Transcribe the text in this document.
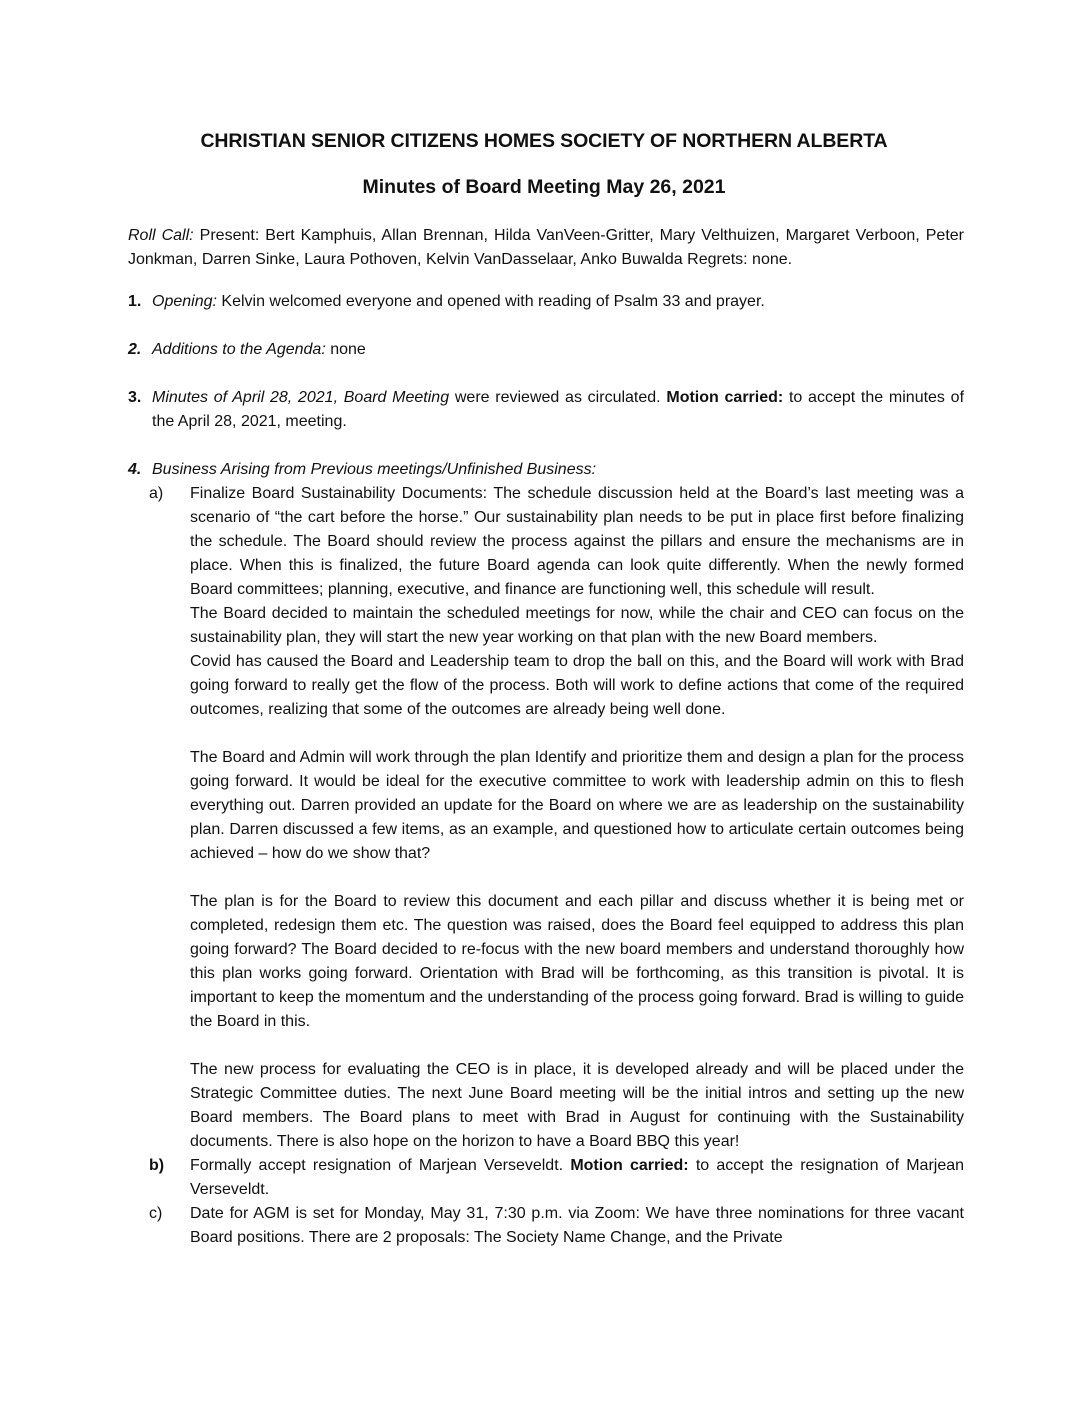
CHRISTIAN SENIOR CITIZENS HOMES SOCIETY OF NORTHERN ALBERTA
Minutes of Board Meeting May 26, 2021

Roll Call: Present: Bert Kamphuis, Allan Brennan, Hilda VanVeen-Gritter, Mary Velthuizen, Margaret Verboon, Peter Jonkman, Darren Sinke, Laura Pothoven, Kelvin VanDasselaar, Anko Buwalda Regrets: none.

1. Opening: Kelvin welcomed everyone and opened with reading of Psalm 33 and prayer.

2. Additions to the Agenda: none

3. Minutes of April 28, 2021, Board Meeting were reviewed as circulated. Motion carried: to accept the minutes of the April 28, 2021, meeting.

4. Business Arising from Previous meetings/Unfinished Business:

a) Finalize Board Sustainability Documents: The schedule discussion held at the Board’s last meeting was a scenario of “the cart before the horse.” Our sustainability plan needs to be put in place first before finalizing the schedule. The Board should review the process against the pillars and ensure the mechanisms are in place. When this is finalized, the future Board agenda can look quite differently. When the newly formed Board committees; planning, executive, and finance are functioning well, this schedule will result.

The Board decided to maintain the scheduled meetings for now, while the chair and CEO can focus on the sustainability plan, they will start the new year working on that plan with the new Board members.

Covid has caused the Board and Leadership team to drop the ball on this, and the Board will work with Brad going forward to really get the flow of the process. Both will work to define actions that come of the required outcomes, realizing that some of the outcomes are already being well done.

The Board and Admin will work through the plan Identify and prioritize them and design a plan for the process going forward. It would be ideal for the executive committee to work with leadership admin on this to flesh everything out. Darren provided an update for the Board on where we are as leadership on the sustainability plan. Darren discussed a few items, as an example, and questioned how to articulate certain outcomes being achieved – how do we show that?

The plan is for the Board to review this document and each pillar and discuss whether it is being met or completed, redesign them etc. The question was raised, does the Board feel equipped to address this plan going forward? The Board decided to re-focus with the new board members and understand thoroughly how this plan works going forward. Orientation with Brad will be forthcoming, as this transition is pivotal. It is important to keep the momentum and the understanding of the process going forward. Brad is willing to guide the Board in this.

The new process for evaluating the CEO is in place, it is developed already and will be placed under the Strategic Committee duties. The next June Board meeting will be the initial intros and setting up the new Board members. The Board plans to meet with Brad in August for continuing with the Sustainability documents. There is also hope on the horizon to have a Board BBQ this year!

b) Formally accept resignation of Marjean Verseveldt. Motion carried: to accept the resignation of Marjean Verseveldt.

c) Date for AGM is set for Monday, May 31, 7:30 p.m. via Zoom: We have three nominations for three vacant Board positions. There are 2 proposals: The Society Name Change, and the Private
